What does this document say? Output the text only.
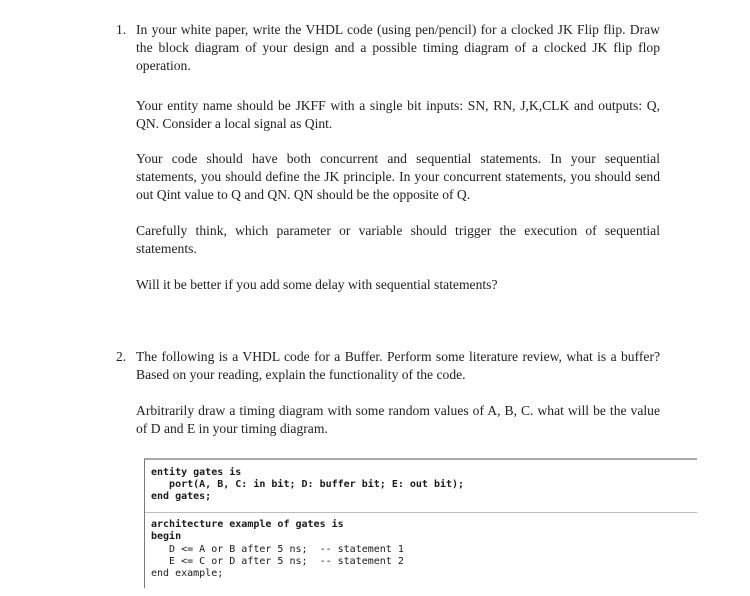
1. In your white paper, write the VHDL code (using pen/pencil) for a clocked JK Flip flip. Draw the block diagram of your design and a possible timing diagram of a clocked JK flip flop operation.

Your entity name should be JKFF with a single bit inputs: SN, RN, J,K,CLK and outputs: Q, QN. Consider a local signal as Qint.

Your code should have both concurrent and sequential statements. In your sequential statements, you should define the JK principle. In your concurrent statements, you should send out Qint value to Q and QN. QN should be the opposite of Q.

Carefully think, which parameter or variable should trigger the execution of sequential statements.

Will it be better if you add some delay with sequential statements?

2. The following is a VHDL code for a Buffer. Perform some literature review, what is a buffer? Based on your reading, explain the functionality of the code.

Arbitrarily draw a timing diagram with some random values of A, B, C. what will be the value of D and E in your timing diagram.

entity gates is
port(A, B, C: in bit; D: buffer bit; E: out bit);
end gates;
architecture example of gates is
begin
D <= A or B after 5 ns;  -- statement 1
E <= C or D after 5 ns;  -- statement 2
end example;
